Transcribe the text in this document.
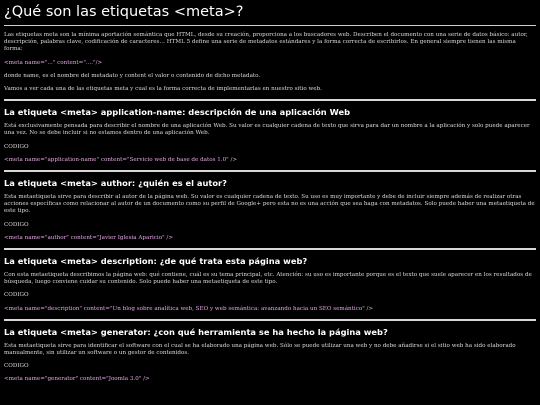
¿Qué son las etiquetas <meta>?

Las etiquetas meta son la mínima aportación semántica que HTML, desde su creación, proporciona a los buscadores web. Describen el documento con una serie de datos básico: autor, descripción, palabras clave, codificación de caracteres… HTML 5 define una serie de metadatos estándares y la forma correcta de escribirlos. En general siempre tienen las misma forma:

<meta name="..." content="...."/>

donde name, es el nombre del metadato y content el valor o contenido de dicho metadato.

Vamos a ver cada una de las etiquetas meta y cual es la forma correcta de implementarlas en nuestro sitio web.

La etiqueta <meta> application-name: descripción de una aplicación Web

Está exclusivamente pensada para describir el nombre de una aplicación Web. Su valor es cualquier cadena de texto que sirva para dar un nombre a la aplicación y solo puede aparecer una vez. No se debe incluir si no estamos dentro de una aplicación Web.

CODIGO

<meta name="application-name" content="Servicio web de base de datos 1.0" />

La etiqueta <meta> author: ¿quién es el autor?

Esta metaetiqueta sirve para describir al autor de la página web. Su valor es cualquier cadena de texto. Su uso es muy importante y debe de incluir siempre además de realizar otras acciones específicas como relacionar al autor de un documento como su perfil de Google+ pero esta no es una acción que sea haga con metadatos. Solo puede haber una metaetiqueta de este tipo.

CODIGO

<meta name="author" content="Javier Iglesia Aparicio" />

La etiqueta <meta> description: ¿de qué trata esta página web?

Con esta metaetiqueta describimos la página web: qué contiene, cuál es su tema principal, etc. Atención: su uso es importante porque es el texto que suele aparecer en los resultados de búsqueda, luego conviene cuidar su contenido. Solo puede haber una metaetiqueta de este tipo.

CODIGO

<meta name="description" content="Un blog sobre analítica web, SEO y web semántica: avanzando hacia un SEO semántico" />

La etiqueta <meta> generator: ¿con qué herramienta se ha hecho la página web?

Esta metaetiqueta sirve para identificar el software con el cual se ha elaborado una página web. Sólo se puede utilizar una web y no debe añadirse si el sitio web ha sido elaborado manualmente, sin utilizar un software o un gestor de contenidos.

CODIGO

<meta name="generator" content="Joomla 3.0" />
